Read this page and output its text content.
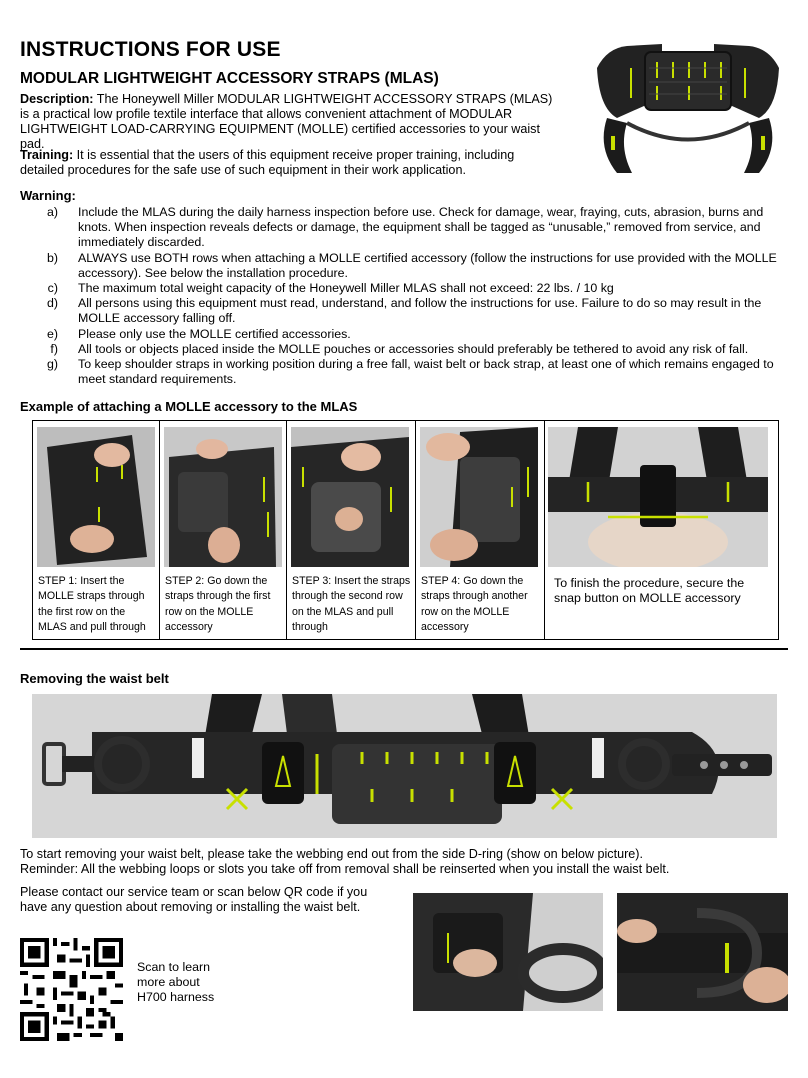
INSTRUCTIONS FOR USE
MODULAR LIGHTWEIGHT ACCESSORY STRAPS (MLAS)
Description: The Honeywell Miller MODULAR LIGHTWEIGHT ACCESSORY STRAPS (MLAS) is a practical low profile textile interface that allows convenient attachment of MODULAR LIGHTWEIGHT LOAD-CARRYING EQUIPMENT (MOLLE) certified accessories to your waist pad.
Training: It is essential that the users of this equipment receive proper training, including detailed procedures for the safe use of such equipment in their work application.
Warning:
a)	Include the MLAS during the daily harness inspection before use. Check for damage, wear, fraying, cuts, abrasion, burns and knots. When inspection reveals defects or damage, the equipment shall be tagged as “unusable,” removed from service, and immediately discarded.
b)	ALWAYS use BOTH rows when attaching a MOLLE certified accessory (follow the instructions for use provided with the MOLLE accessory). See below the installation procedure.
c)	The maximum total weight capacity of the Honeywell Miller MLAS shall not exceed: 22 lbs. / 10 kg
d)	All persons using this equipment must read, understand, and follow the instructions for use. Failure to do so may result in the MOLLE accessory falling off.
e)	Please only use the MOLLE certified accessories.
f)	All tools or objects placed inside the MOLLE pouches or accessories should preferably be tethered to avoid any risk of fall.
g)	To keep shoulder straps in working position during a free fall, waist belt or back strap, at least one of which remains engaged to meet standard requirements.
Example of attaching a MOLLE accessory to the MLAS
STEP 1: Insert the MOLLE straps through the first row on the MLAS and pull through
STEP 2: Go down the straps through the first row on the MOLLE accessory
STEP 3: Insert the straps through the second row on the MLAS and pull through
STEP 4: Go down the straps through another row on the MOLLE accessory
To finish the procedure, secure the snap button on MOLLE accessory
Removing the waist belt
To start removing your waist belt, please take the webbing end out from the side D-ring (show on below picture).
Reminder: All the webbing loops or slots you take off from removal shall be reinserted when you install the waist belt.
Please contact our service team or scan below QR code if you have any question about removing or installing the waist belt.
Scan to learn more about H700 harness
